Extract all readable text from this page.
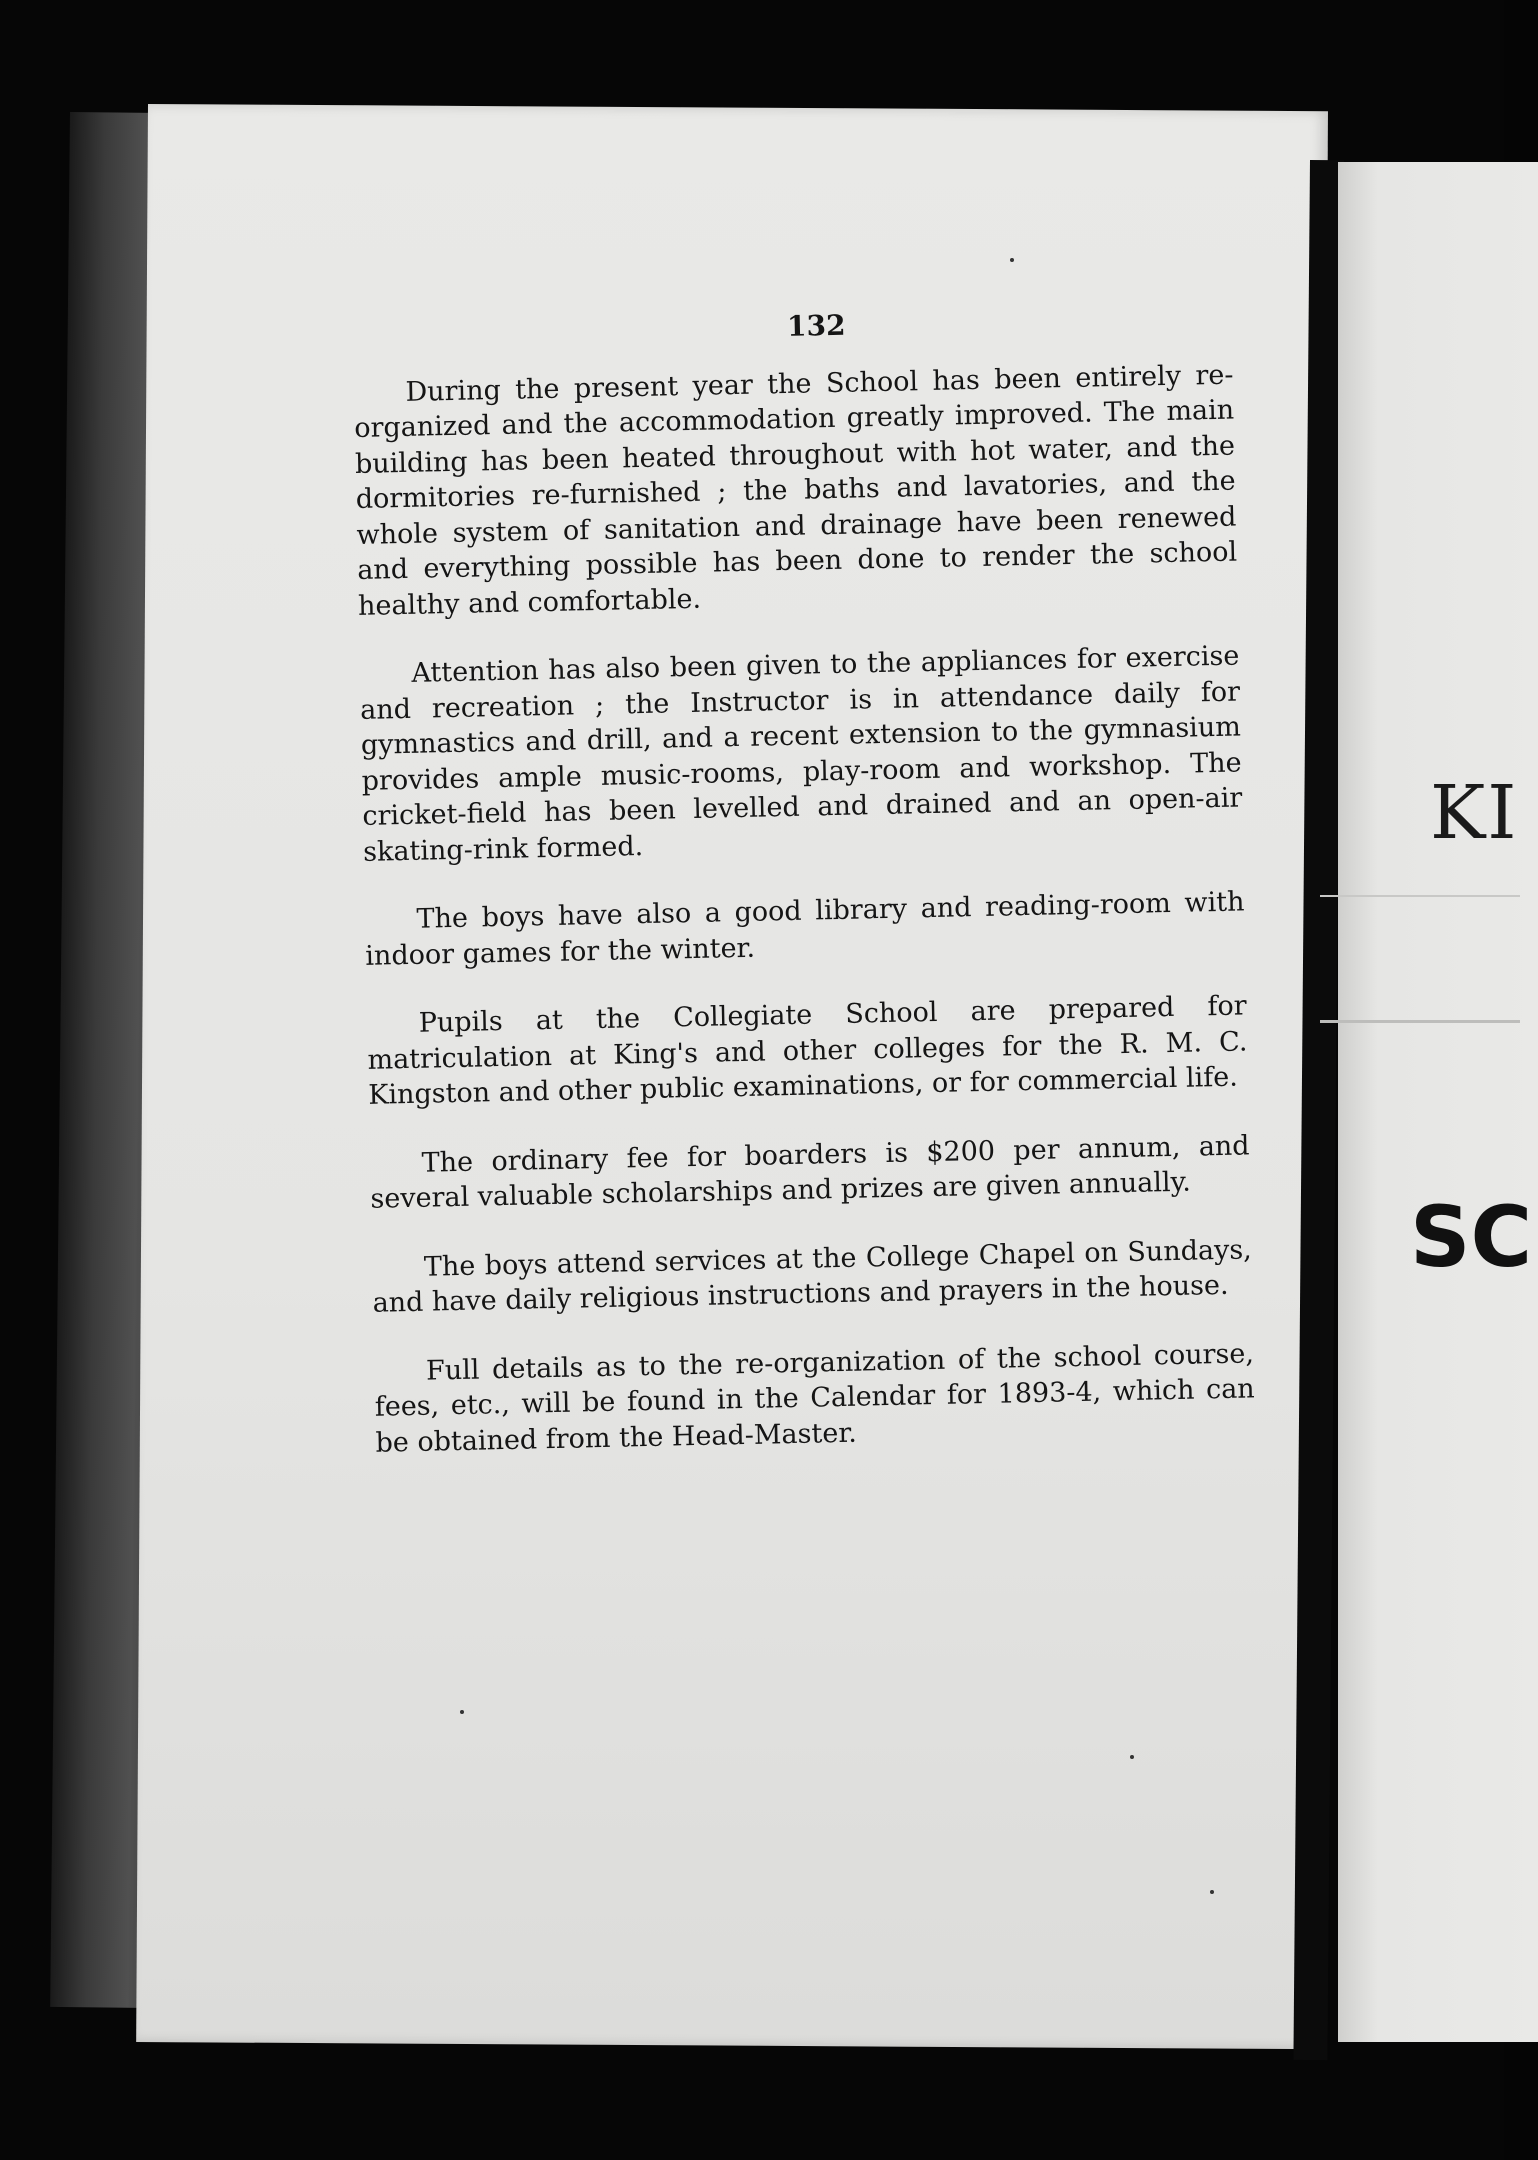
KI
SC
132

During the present year the School has been entirely re-organized and the accommodation greatly improved. The main building has been heated throughout with hot water, and the dormitories re-furnished ; the baths and lavatories, and the whole system of sanitation and drainage have been renewed and everything possible has been done to render the school healthy and comfortable.

Attention has also been given to the appliances for exercise and recreation ; the Instructor is in attendance daily for gymnastics and drill, and a recent extension to the gymnasium provides ample music-rooms, play-room and workshop. The cricket-field has been levelled and drained and an open-air skating-rink formed.

The boys have also a good library and reading-room with indoor games for the winter.

Pupils at the Collegiate School are prepared for matriculation at King's and other colleges for the R. M. C. Kingston and other public examinations, or for commercial life.

The ordinary fee for boarders is $200 per annum, and several valuable scholarships and prizes are given annually.

The boys attend services at the College Chapel on Sundays, and have daily religious instructions and prayers in the house.

Full details as to the re-organization of the school course, fees, etc., will be found in the Calendar for 1893-4, which can be obtained from the Head-Master.
